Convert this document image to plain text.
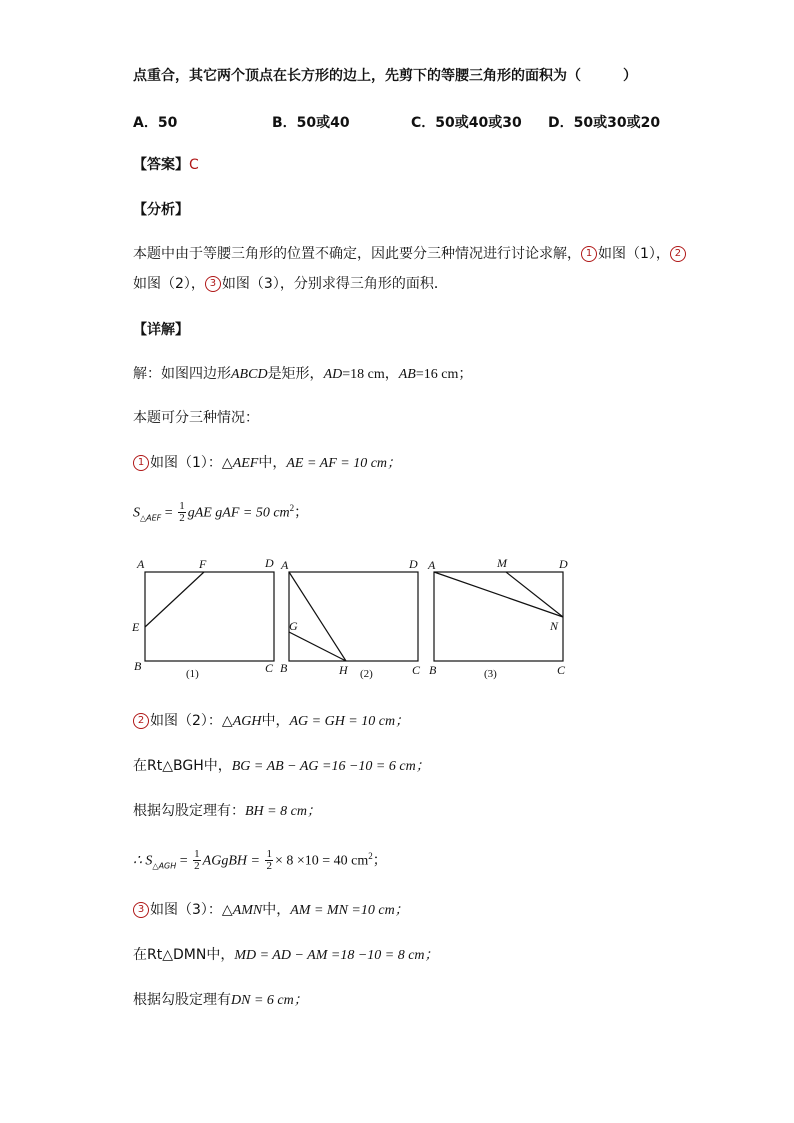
点重合，其它两个顶点在长方形的边上，先剪下的等腰三角形的面积为（　　　）
A．50	B．50或40	C．50或40或30 D．50或30或20
【答案】C
【分析】
本题中由于等腰三角形的位置不确定，因此要分三种情况进行讨论求解， 1 如图（1）， 2
如图（2）， 3 如图（3），分别求得三角形的面积．
【详解】
解：如图四边形ABCD是矩形，AD=18 cm，AB=16 cm；
本题可分三种情况：
1 如图（1）：△AEF中，AE = AF = 10 cm；
$S_{\triangle AEF} = \frac{1}{2}$ gAE gAF = 50 $cm^2$；
A	F	D
E
B	C
A	D
G
B	H	C
A	M	D
N
B	C
(1)	(2)	(3)
2 如图（2）：△AGH中，AG = GH = 10 cm；
在Rt△BGH中，BG = AB − AG =16 −10 = 6 cm；
根据勾股定理有：BH = 8 cm；
∴ $S_{\triangle AGH} = \frac{1}{2}$ AGgBH = $\frac{1}{2} \times 8 \times 10 = 40$ $cm^2$；
3 如图（3）：△AMN中，AM = MN =10 cm；
在Rt△DMN中，MD = AD − AM =18 −10 = 8 cm；
根据勾股定理有DN = 6 cm；
